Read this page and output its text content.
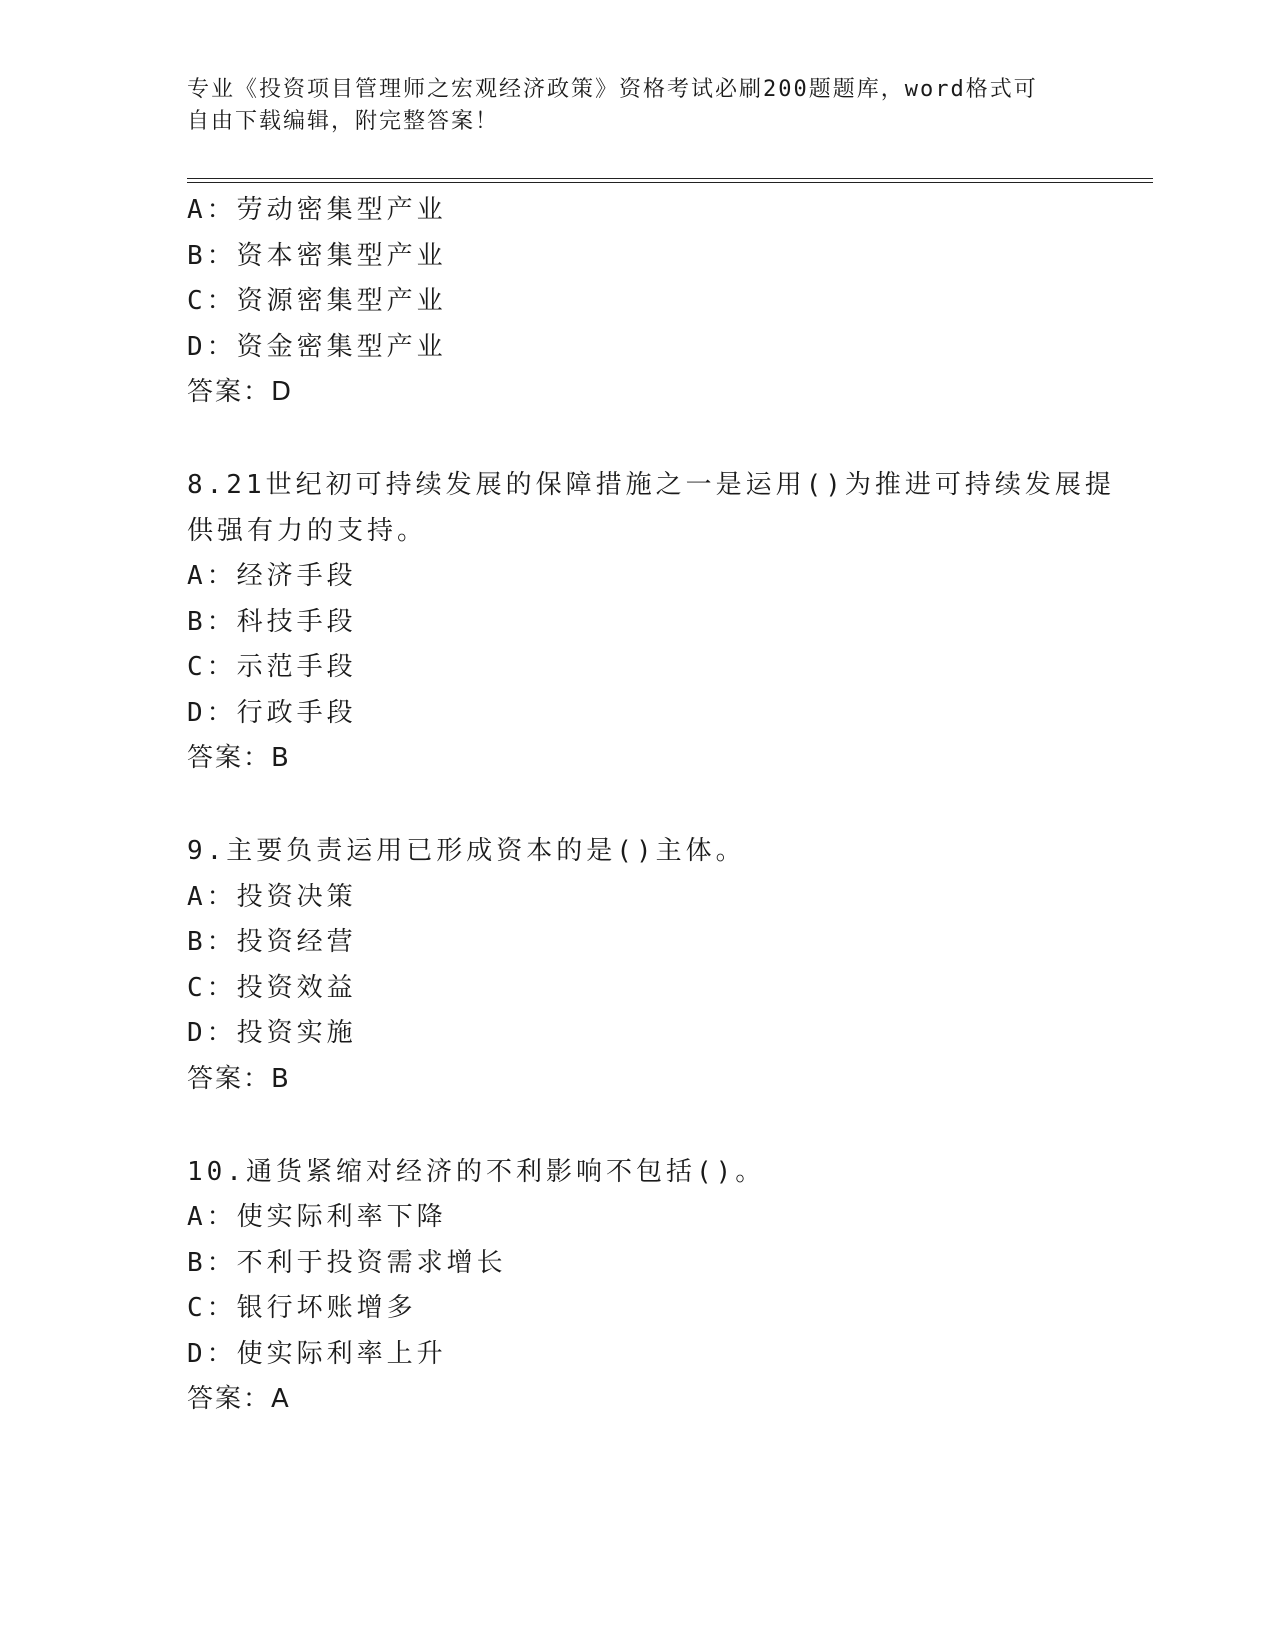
专业《投资项目管理师之宏观经济政策》资格考试必刷200题题库，word格式可
自由下载编辑，附完整答案！
A：劳动密集型产业
B：资本密集型产业
C：资源密集型产业
D：资金密集型产业
答案：D
8.21世纪初可持续发展的保障措施之一是运用()为推进可持续发展提
供强有力的支持。
A：经济手段
B：科技手段
C：示范手段
D：行政手段
答案：B
9.主要负责运用已形成资本的是()主体。
A：投资决策
B：投资经营
C：投资效益
D：投资实施
答案：B
10.通货紧缩对经济的不利影响不包括()。
A：使实际利率下降
B：不利于投资需求增长
C：银行坏账增多
D：使实际利率上升
答案：A
